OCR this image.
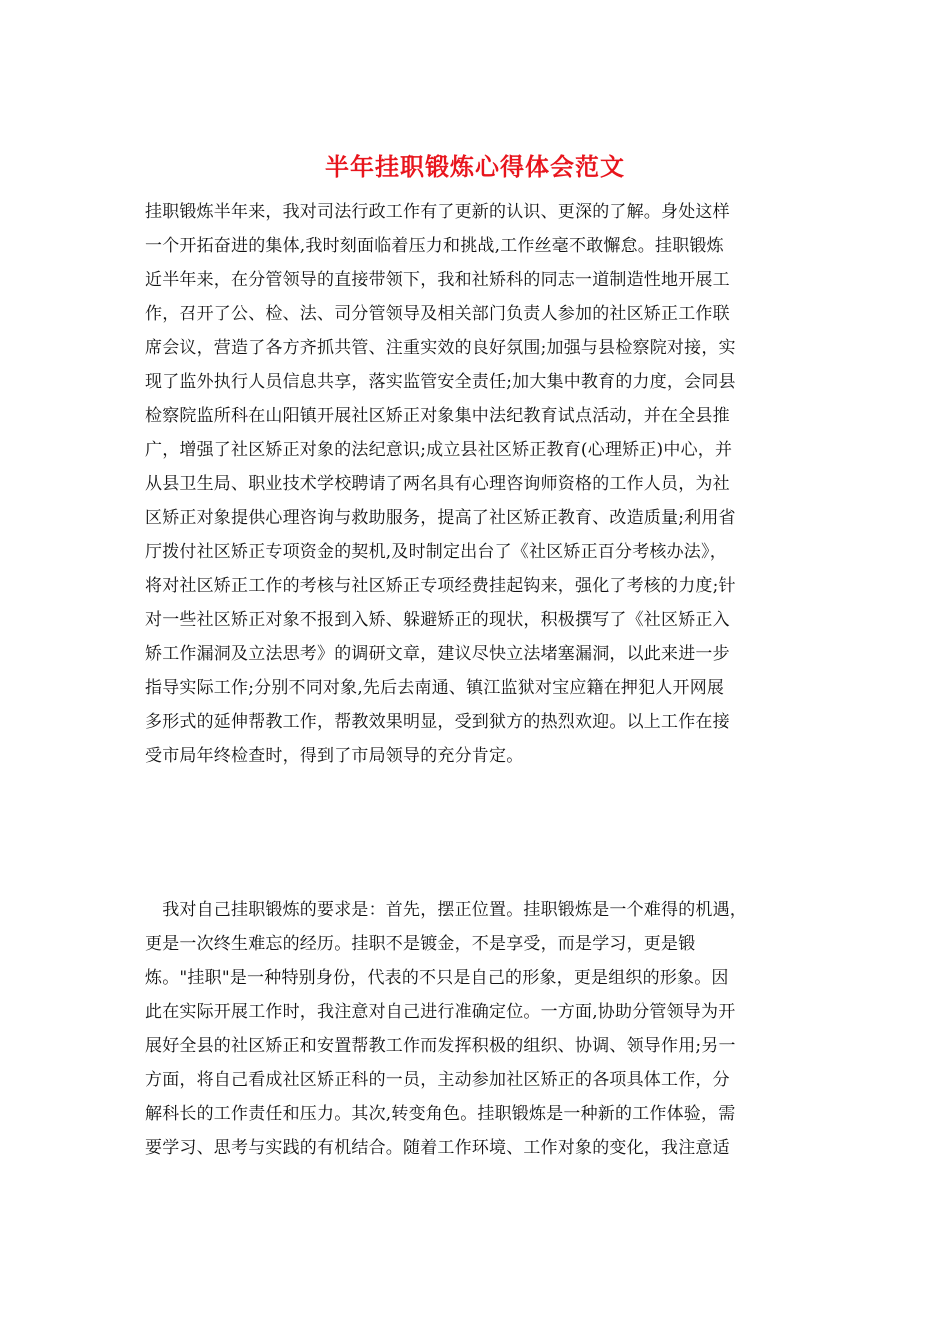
半年挂职锻炼心得体会范文
挂职锻炼半年来，我对司法行政工作有了更新的认识、更深的了解。身处这样
一个开拓奋进的集体,我时刻面临着压力和挑战,工作丝毫不敢懈怠。挂职锻炼
近半年来，在分管领导的直接带领下，我和社矫科的同志一道制造性地开展工
作，召开了公、检、法、司分管领导及相关部门负责人参加的社区矫正工作联
席会议，营造了各方齐抓共管、注重实效的良好氛围;加强与县检察院对接，实
现了监外执行人员信息共享，落实监管安全责任;加大集中教育的力度，会同县
检察院监所科在山阳镇开展社区矫正对象集中法纪教育试点活动，并在全县推
广，增强了社区矫正对象的法纪意识;成立县社区矫正教育(心理矫正)中心，并
从县卫生局、职业技术学校聘请了两名具有心理咨询师资格的工作人员，为社
区矫正对象提供心理咨询与救助服务，提高了社区矫正教育、改造质量;利用省
厅拨付社区矫正专项资金的契机,及时制定出台了《社区矫正百分考核办法》，
将对社区矫正工作的考核与社区矫正专项经费挂起钩来，强化了考核的力度;针
对一些社区矫正对象不报到入矫、躲避矫正的现状，积极撰写了《社区矫正入
矫工作漏洞及立法思考》的调研文章，建议尽快立法堵塞漏洞，以此来进一步
指导实际工作;分别不同对象,先后去南通、镇江监狱对宝应籍在押犯人开网展
多形式的延伸帮教工作，帮教效果明显，受到狱方的热烈欢迎。以上工作在接
受市局年终检查时，得到了市局领导的充分肯定。
　我对自己挂职锻炼的要求是：首先，摆正位置。挂职锻炼是一个难得的机遇，
更是一次终生难忘的经历。挂职不是镀金，不是享受，而是学习，更是锻
炼。"挂职"是一种特别身份，代表的不只是自己的形象，更是组织的形象。因
此在实际开展工作时，我注意对自己进行准确定位。一方面,协助分管领导为开
展好全县的社区矫正和安置帮教工作而发挥积极的组织、协调、领导作用;另一
方面，将自己看成社区矫正科的一员，主动参加社区矫正的各项具体工作，分
解科长的工作责任和压力。其次,转变角色。挂职锻炼是一种新的工作体验，需
要学习、思考与实践的有机结合。随着工作环境、工作对象的变化，我注意适
